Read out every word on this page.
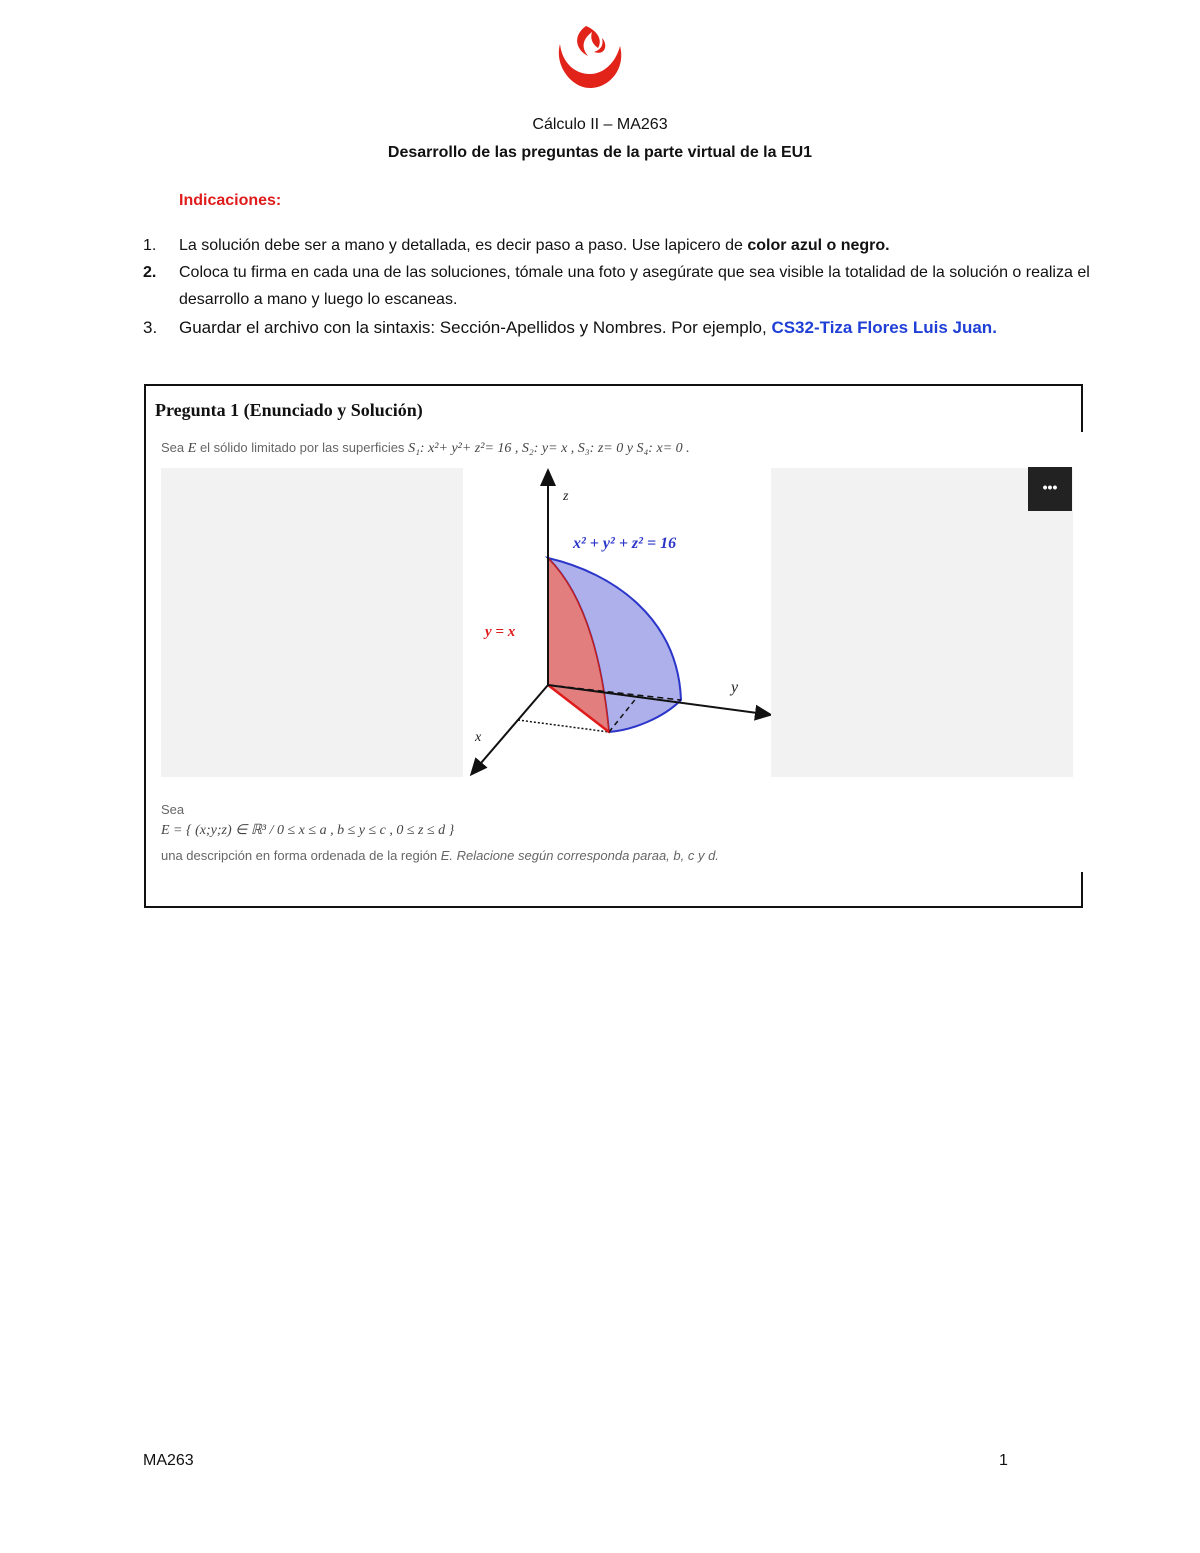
Cálculo II – MA263
Desarrollo de las preguntas de la parte virtual de la EU1
Indicaciones:
1. La solución debe ser a mano y detallada, es decir paso a paso. Use lapicero de color azul o negro.
2. Coloca tu firma en cada una de las soluciones, tómale una foto y asegúrate que sea visible la totalidad de la solución o realiza el desarrollo a mano y luego lo escaneas.
3. Guardar el archivo con la sintaxis: Sección-Apellidos y Nombres. Por ejemplo, CS32-Tiza Flores Luis Juan.
Pregunta 1 (Enunciado y Solución)
Sea E el sólido limitado por las superficies S₁: x²+ y²+ z²= 16 , S₂: y= x , S₃: z= 0 y S₄: x= 0 .
•••
z
y
x
x² + y² + z² = 16
y = x
Sea
E = { (x;y;z) ∈ ℝ³ / 0 ≤ x ≤ a , b ≤ y ≤ c , 0 ≤ z ≤ d }
una descripción en forma ordenada de la región E. Relacione según corresponda paraa, b, c y d.
MA263	1
